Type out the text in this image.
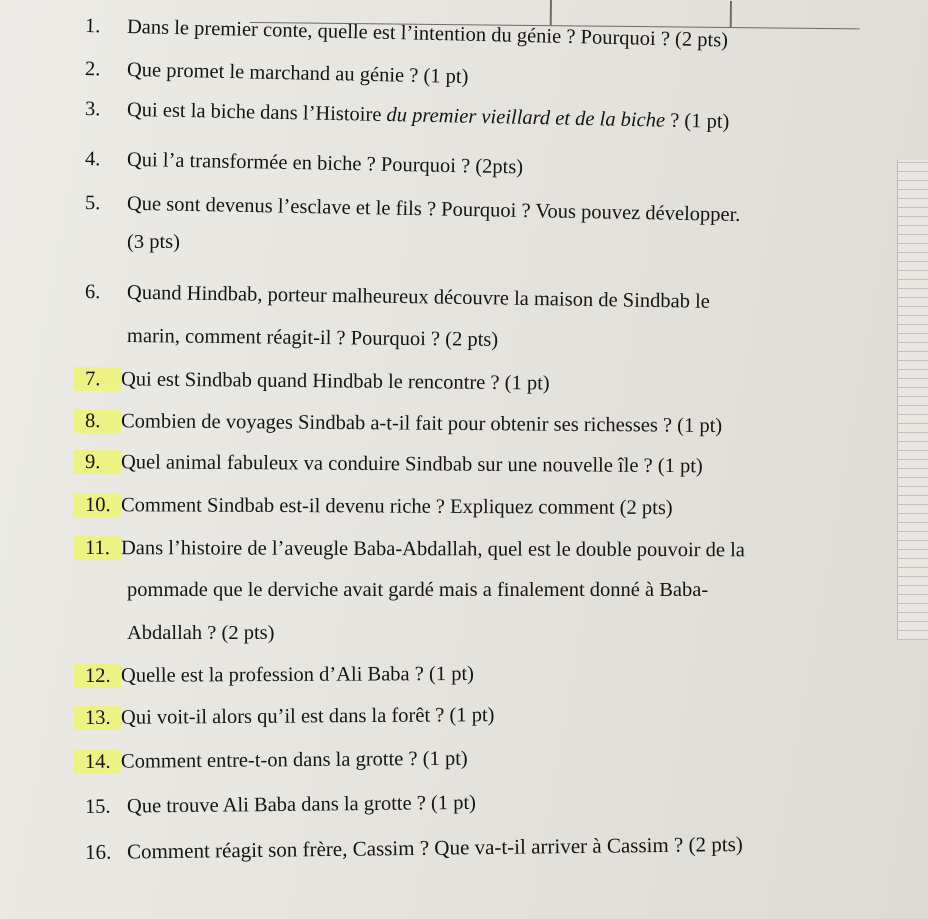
1. Dans le premier conte, quelle est l’intention du génie ? Pourquoi ? (2 pts)
2. Que promet le marchand au génie ? (1 pt)
3. Qui est la biche dans l’Histoire du premier vieillard et de la biche ? (1 pt)
4. Qui l’a transformée en biche ? Pourquoi ? (2pts)
5. Que sont devenus l’esclave et le fils ? Pourquoi ? Vous pouvez développer.
(3 pts)
6. Quand Hindbab, porteur malheureux découvre la maison de Sindbab le
marin, comment réagit-il ? Pourquoi ? (2 pts)
7. Qui est Sindbab quand Hindbab le rencontre ? (1 pt)
8. Combien de voyages Sindbab a-t-il fait pour obtenir ses richesses ? (1 pt)
9. Quel animal fabuleux va conduire Sindbab sur une nouvelle île ? (1 pt)
10. Comment Sindbab est-il devenu riche ? Expliquez comment (2 pts)
11. Dans l’histoire de l’aveugle Baba-Abdallah, quel est le double pouvoir de la
pommade que le derviche avait gardé mais a finalement donné à Baba-
Abdallah ? (2 pts)
12. Quelle est la profession d’Ali Baba ? (1 pt)
13. Qui voit-il alors qu’il est dans la forêt ? (1 pt)
14. Comment entre-t-on dans la grotte ? (1 pt)
15. Que trouve Ali Baba dans la grotte ? (1 pt)
16. Comment réagit son frère, Cassim ? Que va-t-il arriver à Cassim ? (2 pts)
